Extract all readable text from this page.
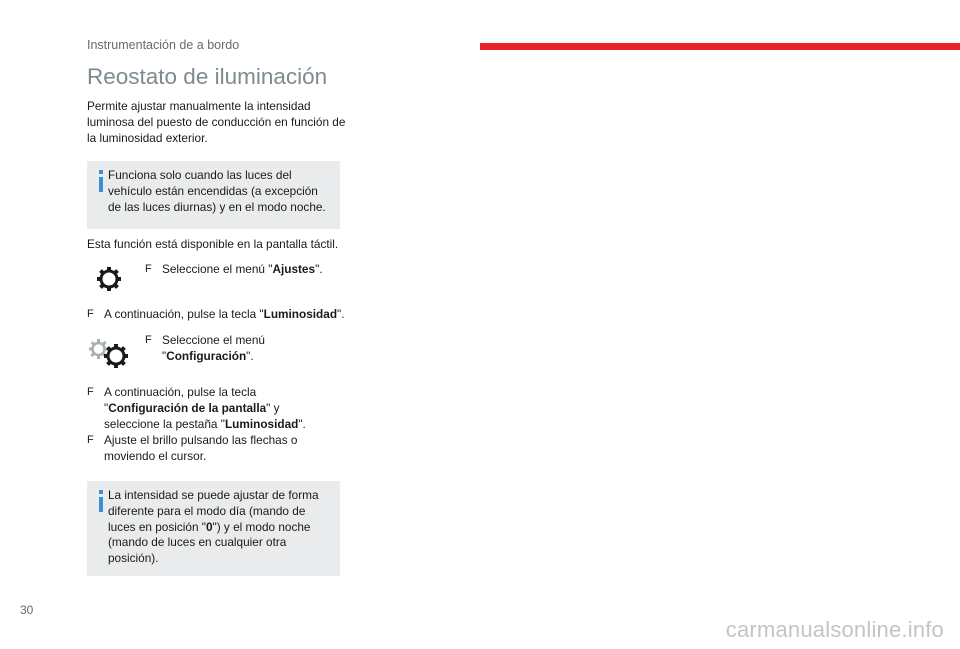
Instrumentación de a bordo
Reostato de iluminación

Permite ajustar manualmente la intensidad luminosa del puesto de conducción en función de la luminosidad exterior.

Funciona solo cuando las luces del vehículo están encendidas (a excepción de las luces diurnas) y en el modo noche.

Esta función está disponible en la pantalla táctil.

F Seleccione el menú "Ajustes".
F A continuación, pulse la tecla "Luminosidad".
F Seleccione el menú "Configuración".
F A continuación, pulse la tecla "Configuración de la pantalla" y seleccione la pestaña "Luminosidad".
F Ajuste el brillo pulsando las flechas o moviendo el cursor.

La intensidad se puede ajustar de forma diferente para el modo día (mando de luces en posición "0") y el modo noche (mando de luces en cualquier otra posición).

30
carmanualsonline.info
